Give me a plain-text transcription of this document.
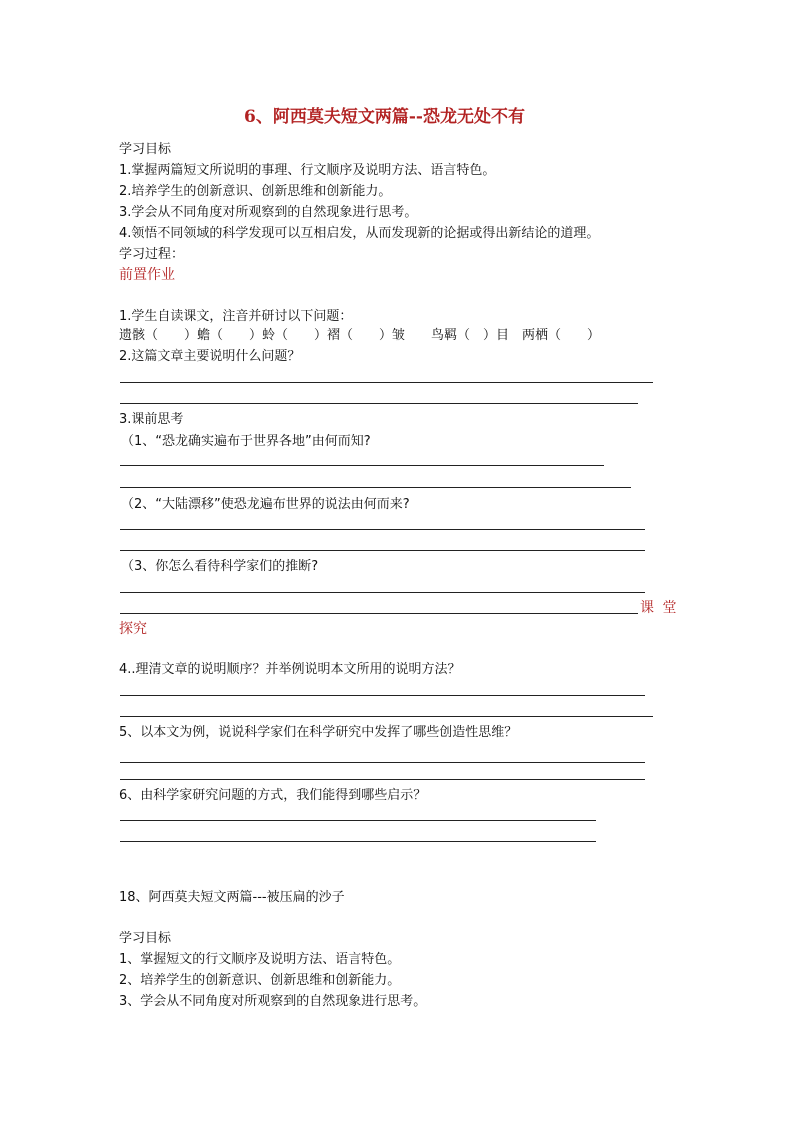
6、阿西莫夫短文两篇--恐龙无处不有
学习目标
1.掌握两篇短文所说明的事理、行文顺序及说明方法、语言特色。
2.培养学生的创新意识、创新思维和创新能力。
3.学会从不同角度对所观察到的自然现象进行思考。
4.领悟不同领域的科学发现可以互相启发，从而发现新的论据或得出新结论的道理。
学习过程：
前置作业
1.学生自读课文，注音并研讨以下问题：
遗骸（　　）蟾（　　）蛉（　　）褶（　　）皱　　鸟羁（　）目　两栖（　　）
2.这篇文章主要说明什么问题？
3.课前思考
（1、“恐龙确实遍布于世界各地”由何而知?
（2、“大陆漂移”使恐龙遍布世界的说法由何而来?
（3、你怎么看待科学家们的推断?
课 堂
探究
4..理清文章的说明顺序？并举例说明本文所用的说明方法？
5、以本文为例，说说科学家们在科学研究中发挥了哪些创造性思维？
6、由科学家研究问题的方式，我们能得到哪些启示？
18、阿西莫夫短文两篇---被压扁的沙子
学习目标
1、掌握短文的行文顺序及说明方法、语言特色。
2、培养学生的创新意识、创新思维和创新能力。
3、学会从不同角度对所观察到的自然现象进行思考。
